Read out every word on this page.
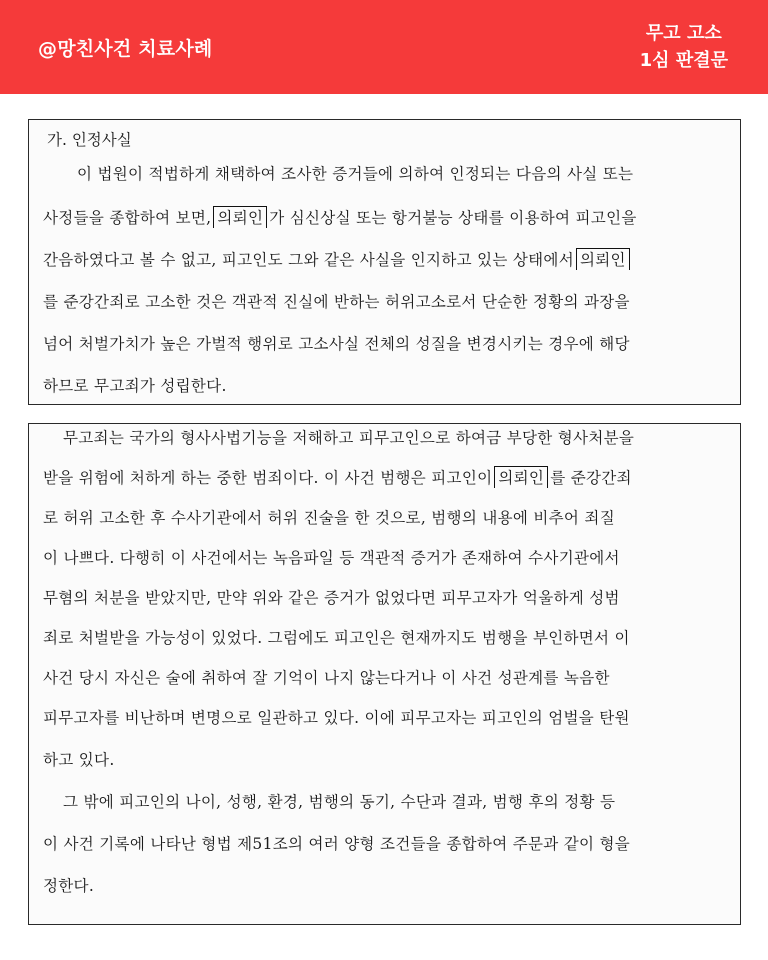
@망친사건 치료사례
무고 고소
1심 판결문
가. 인정사실
이 법원이 적법하게 채택하여 조사한 증거들에 의하여 인정되는 다음의 사실 또는
사정들을 종합하여 보면, 의뢰인 가 심신상실 또는 항거불능 상태를 이용하여 피고인을
간음하였다고 볼 수 없고, 피고인도 그와 같은 사실을 인지하고 있는 상태에서 의뢰인
를 준강간죄로 고소한 것은 객관적 진실에 반하는 허위고소로서 단순한 정황의 과장을
넘어 처벌가치가 높은 가벌적 행위로 고소사실 전체의 성질을 변경시키는 경우에 해당
하므로 무고죄가 성립한다.
무고죄는 국가의 형사사법기능을 저해하고 피무고인으로 하여금 부당한 형사처분을
받을 위험에 처하게 하는 중한 범죄이다. 이 사건 범행은 피고인이 의뢰인 를 준강간죄
로 허위 고소한 후 수사기관에서 허위 진술을 한 것으로, 범행의 내용에 비추어 죄질
이 나쁘다. 다행히 이 사건에서는 녹음파일 등 객관적 증거가 존재하여 수사기관에서
무혐의 처분을 받았지만, 만약 위와 같은 증거가 없었다면 피무고자가 억울하게 성범
죄로 처벌받을 가능성이 있었다. 그럼에도 피고인은 현재까지도 범행을 부인하면서 이
사건 당시 자신은 술에 취하여 잘 기억이 나지 않는다거나 이 사건 성관계를 녹음한
피무고자를 비난하며 변명으로 일관하고 있다. 이에 피무고자는 피고인의 엄벌을 탄원
하고 있다.
그 밖에 피고인의 나이, 성행, 환경, 범행의 동기, 수단과 결과, 범행 후의 정황 등
이 사건 기록에 나타난 형법 제51조의 여러 양형 조건들을 종합하여 주문과 같이 형을
정한다.
